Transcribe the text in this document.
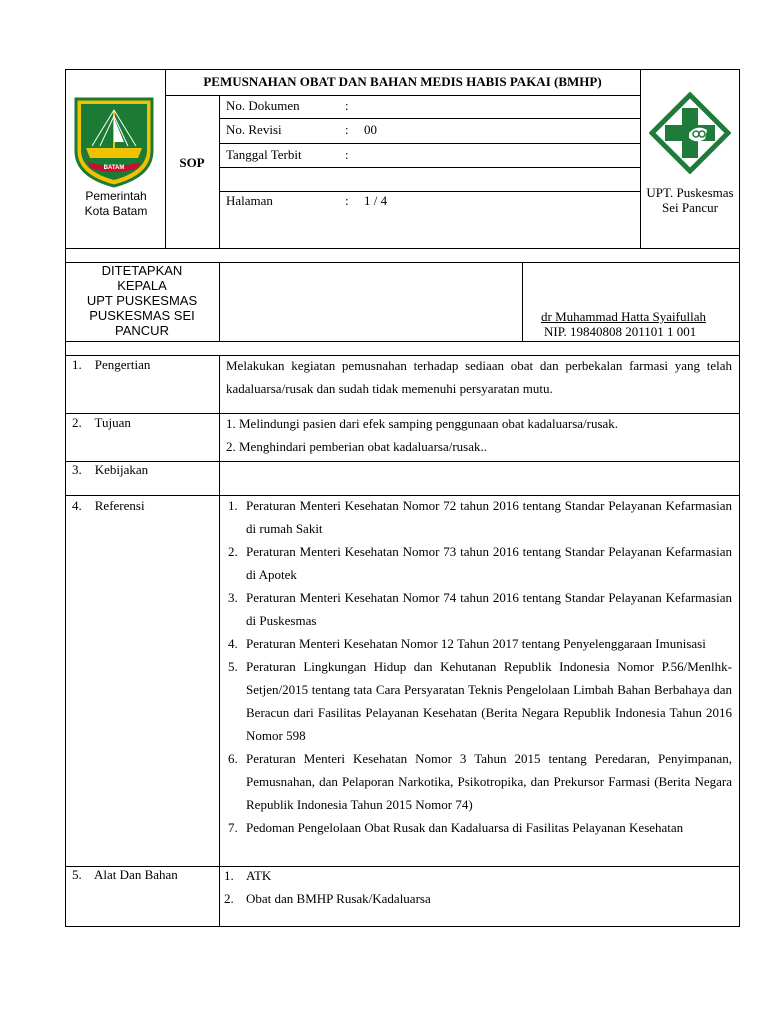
BATAM
Pemerintah Kota Batam
PEMUSNAHAN OBAT DAN BAHAN MEDIS HABIS PAKAI (BMHP)
SOP
No. Dokumen	:
No. Revisi	: 00
Tanggal Terbit	:
Halaman	: 1 / 4
UPT. Puskesmas Sei Pancur
DITETAPKAN
KEPALA
UPT PUSKESMAS
PUSKESMAS SEI
PANCUR
dr Muhammad Hatta Syaifullah
NIP. 19840808 201101 1 001
1.    Pengertian	Melakukan kegiatan pemusnahan terhadap sediaan obat dan perbekalan farmasi yang telah kadaluarsa/rusak dan sudah tidak memenuhi persyaratan mutu.
2.    Tujuan	1. Melindungi pasien dari efek samping penggunaan obat kadaluarsa/rusak.
2. Menghindari pemberian obat kadaluarsa/rusak..
3.    Kebijakan
4.    Referensi	1. Peraturan Menteri Kesehatan Nomor 72 tahun 2016 tentang Standar Pelayanan Kefarmasian di rumah Sakit
2. Peraturan Menteri Kesehatan Nomor 73 tahun 2016 tentang Standar Pelayanan Kefarmasian di Apotek
3. Peraturan Menteri Kesehatan Nomor 74 tahun 2016 tentang Standar Pelayanan Kefarmasian di Puskesmas
4. Peraturan Menteri Kesehatan Nomor 12 Tahun 2017 tentang Penyelenggaraan Imunisasi
5. Peraturan Lingkungan Hidup dan Kehutanan Republik Indonesia Nomor P.56/Menlhk-Setjen/2015 tentang tata Cara Persyaratan Teknis Pengelolaan Limbah Bahan Berbahaya dan Beracun dari Fasilitas Pelayanan Kesehatan (Berita Negara Republik Indonesia Tahun 2016 Nomor 598
6. Peraturan Menteri Kesehatan Nomor 3 Tahun 2015 tentang Peredaran, Penyimpanan, Pemusnahan, dan Pelaporan Narkotika, Psikotropika, dan Prekursor Farmasi (Berita Negara Republik Indonesia Tahun 2015 Nomor 74)
7. Pedoman Pengelolaan Obat Rusak dan Kadaluarsa di Fasilitas Pelayanan Kesehatan
5.    Alat Dan Bahan	1. ATK
2. Obat dan BMHP Rusak/Kadaluarsa
